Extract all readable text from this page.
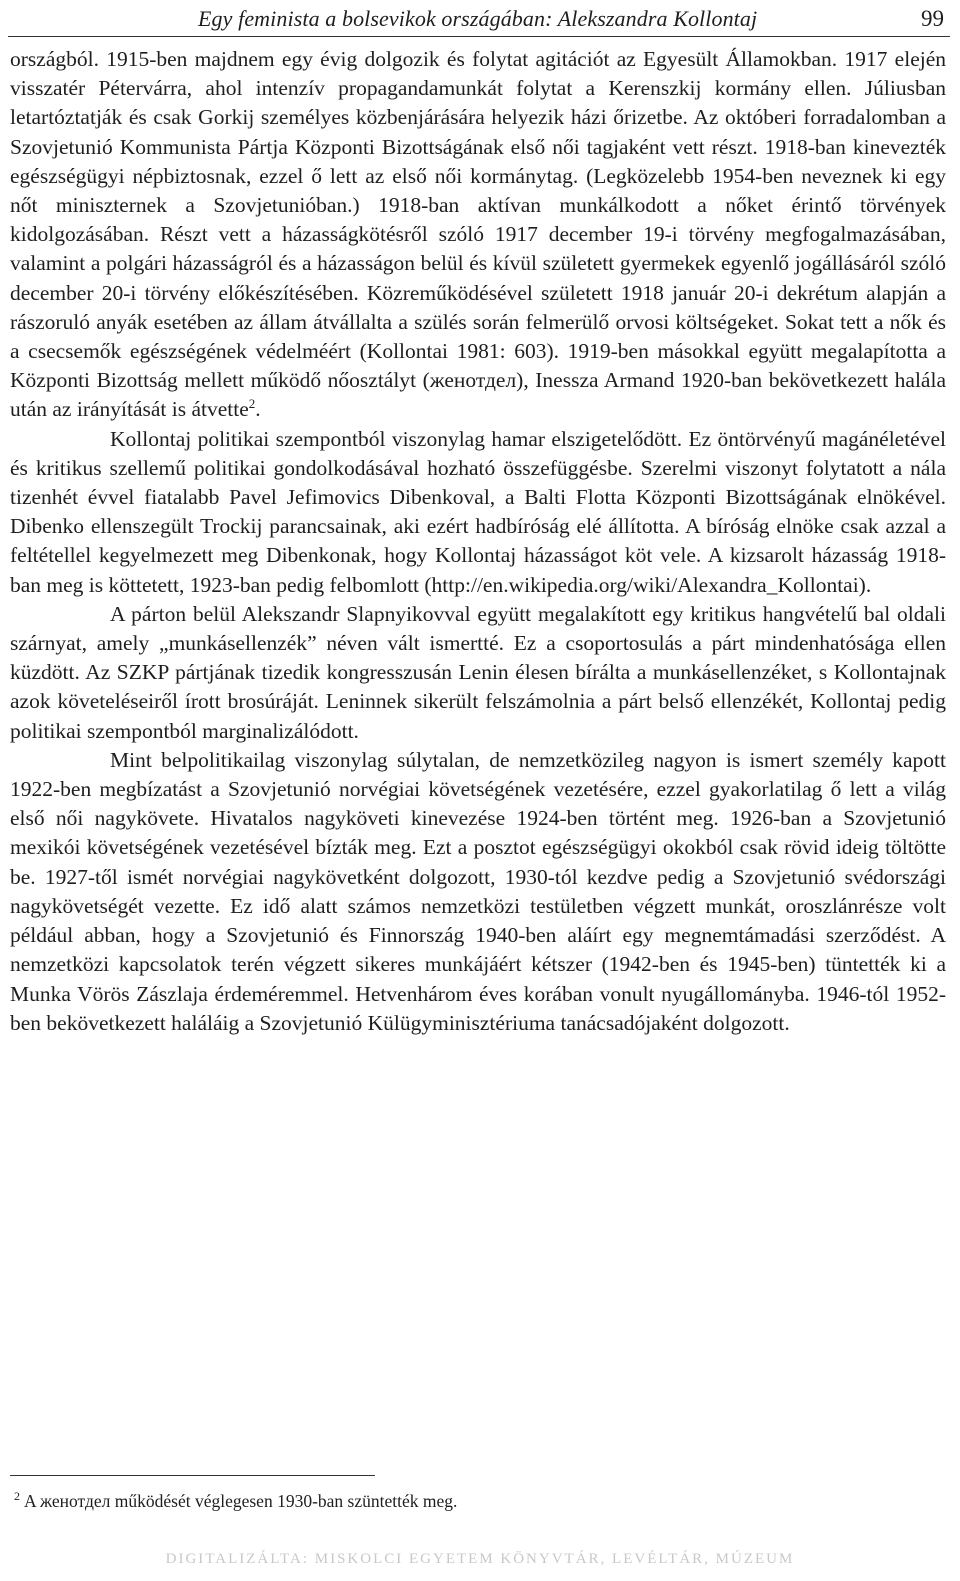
Egy feminista a bolsevikok országában: Alekszandra Kollontaj	99

országból. 1915-ben majdnem egy évig dolgozik és folytat agitációt az Egyesült Államokban. 1917 elején visszatér Pétervárra, ahol intenzív propagandamunkát folytat a Kerenszkij kormány ellen. Júliusban letartóztatják és csak Gorkij személyes közbenjárására helyezik házi őrizetbe. Az októberi forradalomban a Szovjetunió Kommunista Pártja Központi Bizottságának első női tagjaként vett részt. 1918-ban kinevezték egészségügyi népbiztosnak, ezzel ő lett az első női kormánytag. (Legközelebb 1954-ben neveznek ki egy nőt miniszternek a Szovjetunióban.) 1918-ban aktívan munkálkodott a nőket érintő törvények kidolgozásában. Részt vett a házasságkötésről szóló 1917 december 19-i törvény megfogalmazásában, valamint a polgári házasságról és a házasságon belül és kívül született gyermekek egyenlő jogállásáról szóló december 20-i törvény előkészítésében. Közreműködésével született 1918 január 20-i dekrétum alapján a rászoruló anyák esetében az állam átvállalta a szülés során felmerülő orvosi költségeket. Sokat tett a nők és a csecsemők egészségének védelméért (Kollontai 1981: 603). 1919-ben másokkal együtt megalapította a Központi Bizottság mellett működő nőosztályt (женотдел), Inessza Armand 1920-ban bekövetkezett halála után az irányítását is átvette$^2$.

Kollontaj politikai szempontból viszonylag hamar elszigetelődött. Ez öntörvényű magánéletével és kritikus szellemű politikai gondolkodásával hozható összefüggésbe. Szerelmi viszonyt folytatott a nála tizenhét évvel fiatalabb Pavel Jefimovics Dibenkoval, a Balti Flotta Központi Bizottságának elnökével. Dibenko ellenszegült Trockij parancsainak, aki ezért hadbíróság elé állította. A bíróság elnöke csak azzal a feltétellel kegyelmezett meg Dibenkonak, hogy Kollontaj házasságot köt vele. A kizsarolt házasság 1918-ban meg is köttetett, 1923-ban pedig felbomlott (http://en.wikipedia.org/wiki/Alexandra_Kollontai).

A párton belül Alekszandr Slapnyikovval együtt megalakított egy kritikus hangvételű bal oldali szárnyat, amely „munkásellenzék” néven vált ismertté. Ez a csoportosulás a párt mindenhatósága ellen küzdött. Az SZKP pártjának tizedik kongresszusán Lenin élesen bírálta a munkásellenzéket, s Kollontajnak azok követeléseiről írott brosúráját. Leninnek sikerült felszámolnia a párt belső ellenzékét, Kollontaj pedig politikai szempontból marginalizálódott.

Mint belpolitikailag viszonylag súlytalan, de nemzetközileg nagyon is ismert személy kapott 1922-ben megbízatást a Szovjetunió norvégiai követségének vezetésére, ezzel gyakorlatilag ő lett a világ első női nagykövete. Hivatalos nagyköveti kinevezése 1924-ben történt meg. 1926-ban a Szovjetunió mexikói követségének vezetésével bízták meg. Ezt a posztot egészségügyi okokból csak rövid ideig töltötte be. 1927-től ismét norvégiai nagykövetként dolgozott, 1930-tól kezdve pedig a Szovjetunió svédországi nagykövetségét vezette. Ez idő alatt számos nemzetközi testületben végzett munkát, oroszlánrésze volt például abban, hogy a Szovjetunió és Finnország 1940-ben aláírt egy megnemtámadási szerződést. A nemzetközi kapcsolatok terén végzett sikeres munkájáért kétszer (1942-ben és 1945-ben) tüntették ki a Munka Vörös Zászlaja érdeméremmel. Hetvenhárom éves korában vonult nyugállományba. 1946-tól 1952-ben bekövetkezett haláláig a Szovjetunió Külügyminisztériuma tanácsadójaként dolgozott.

$^2$ A женотдел működését véglegesen 1930-ban szüntették meg.
DIGITALIZÁLTA: MISKOLCI EGYETEM KÖNYVTÁR, LEVÉLTÁR, MÚZEUM
